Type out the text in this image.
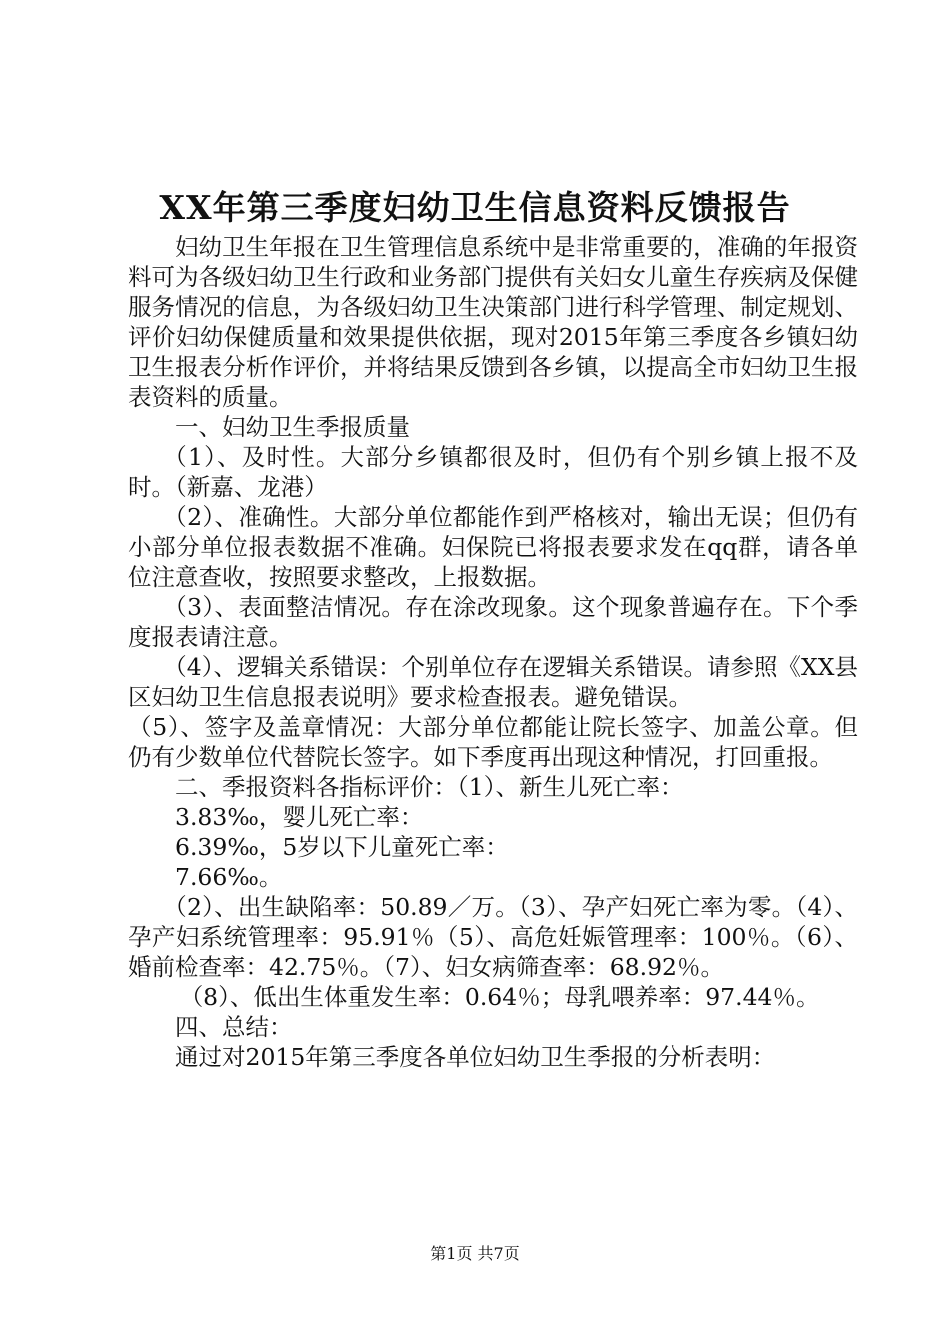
XX年第三季度妇幼卫生信息资料反馈报告

妇幼卫生年报在卫生管理信息系统中是非常重要的，准确的年报资料可为各级妇幼卫生行政和业务部门提供有关妇女儿童生存疾病及保健服务情况的信息，为各级妇幼卫生决策部门进行科学管理、制定规划、评价妇幼保健质量和效果提供依据，现对2015年第三季度各乡镇妇幼卫生报表分析作评价，并将结果反馈到各乡镇，以提高全市妇幼卫生报表资料的质量。

一、妇幼卫生季报质量

（1）、及时性。大部分乡镇都很及时，但仍有个别乡镇上报不及时。（新嘉、龙港）

（2）、准确性。大部分单位都能作到严格核对，输出无误；但仍有小部分单位报表数据不准确。妇保院已将报表要求发在qq群，请各单位注意查收，按照要求整改，上报数据。

（3）、表面整洁情况。存在涂改现象。这个现象普遍存在。下个季度报表请注意。

（4）、逻辑关系错误：个别单位存在逻辑关系错误。请参照《XX县区妇幼卫生信息报表说明》要求检查报表。避免错误。

（5）、签字及盖章情况：大部分单位都能让院长签字、加盖公章。但仍有少数单位代替院长签字。如下季度再出现这种情况，打回重报。

二、季报资料各指标评价：（1）、新生儿死亡率：

3.83‰，婴儿死亡率：

6.39‰，5岁以下儿童死亡率：

7.66‰。

（2）、出生缺陷率：50.89／万。（3）、孕产妇死亡率为零。（4）、孕产妇系统管理率：95.91％（5）、高危妊娠管理率：100％。（6）、婚前检查率：42.75％。（7）、妇女病筛查率：68.92％。

（8）、低出生体重发生率：0.64％；母乳喂养率：97.44％。

四、总结：

通过对2015年第三季度各单位妇幼卫生季报的分析表明：

第1页 共7页
